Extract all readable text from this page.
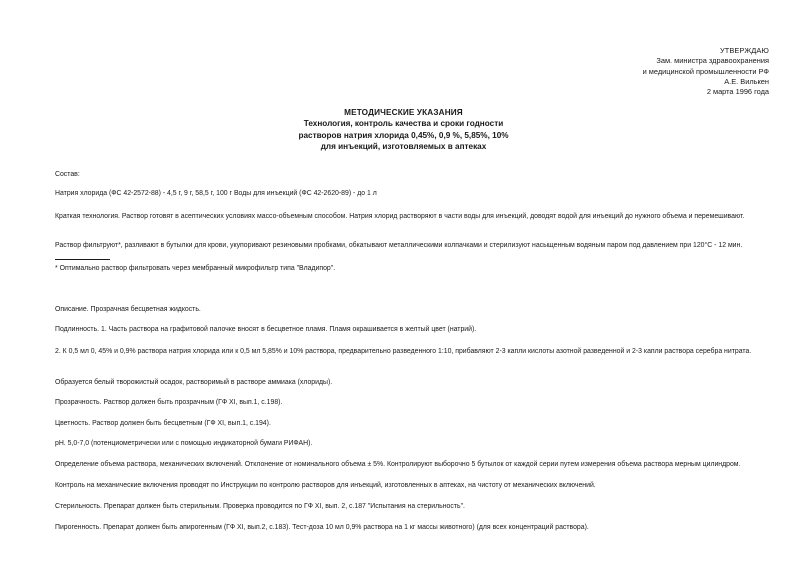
УТВЕРЖДАЮ
Зам. министра здравоохранения
и медицинской промышленности РФ
А.Е. Вилькен
2 марта 1996 года
МЕТОДИЧЕСКИЕ УКАЗАНИЯ
Технология, контроль качества и сроки годности
растворов натрия хлорида 0,45%, 0,9 %, 5,85%, 10%
для инъекций, изготовляемых в аптеках
Состав:
Натрия хлорида (ФС 42-2572-88) - 4,5 г, 9 г, 58,5 г, 100 г Воды для инъекций (ФС 42-2620-89) - до 1 л
Краткая технология. Раствор готовят в асептических условиях массо-объемным способом. Натрия хлорид растворяют в части воды для инъекций, доводят водой для инъекций до нужного объема и перемешивают.
Раствор фильтруют*, разливают в бутылки для крови, укупоривают резиновыми пробками, обкатывают металлическими колпачками и стерилизуют насыщенным водяным паром под давлением при 120°C - 12 мин.
* Оптимально раствор фильтровать через мембранный микрофильтр типа "Владипор".
Описание. Прозрачная бесцветная жидкость.
Подлинность. 1. Часть раствора на графитовой палочке вносят в бесцветное пламя. Пламя окрашивается в желтый цвет (натрий).
2. К 0,5 мл 0, 45% и 0,9% раствора натрия хлорида или к 0,5 мл 5,85% и 10% раствора, предварительно разведенного 1:10, прибавляют 2-3 капли кислоты азотной разведенной и 2-3 капли раствора серебра нитрата.
Образуется белый творожистый осадок, растворимый в растворе аммиака (хлориды).
Прозрачность. Раствор должен быть прозрачным (ГФ XI, вып.1, с.198).
Цветность. Раствор должен быть бесцветным (ГФ XI, вып.1, с.194).
pH. 5,0-7,0 (потенциометрически или с помощью индикаторной бумаги РИФАН).
Определение объема раствора, механических включений. Отклонение от номинального объема ± 5%. Контролируют выборочно 5 бутылок от каждой серии путем измерения объема раствора мерным цилиндром.
Контроль на механические включения проводят по Инструкции по контролю растворов для инъекций, изготовленных в аптеках, на чистоту от механических включений.
Стерильность. Препарат должен быть стерильным. Проверка проводится по ГФ XI, вып. 2, с.187 "Испытания на стерильность".
Пирогенность. Препарат должен быть апирогенным (ГФ XI, вып.2, с.183). Тест-доза 10 мл 0,9% раствора на 1 кг массы животного) (для всех концентраций раствора).
